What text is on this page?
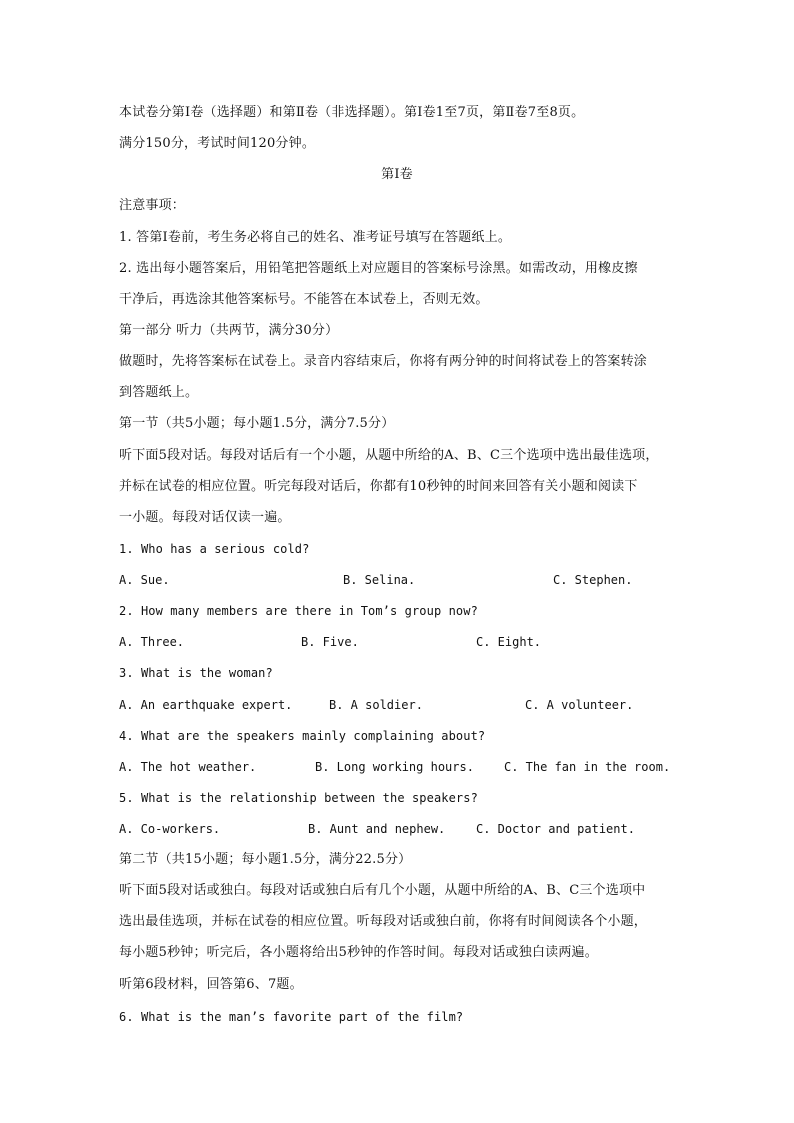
本试卷分第Ⅰ卷（选择题）和第Ⅱ卷（非选择题）。第Ⅰ卷1至7页，第Ⅱ卷7至8页。
满分150分，考试时间120分钟。
第Ⅰ卷
注意事项：
1. 答第Ⅰ卷前，考生务必将自己的姓名、准考证号填写在答题纸上。
2. 选出每小题答案后，用铅笔把答题纸上对应题目的答案标号涂黑。如需改动，用橡皮擦
干净后，再选涂其他答案标号。不能答在本试卷上，否则无效。
第一部分 听力（共两节，满分30分）
做题时，先将答案标在试卷上。录音内容结束后，你将有两分钟的时间将试卷上的答案转涂
到答题纸上。
第一节（共5小题；每小题1.5分，满分7.5分）
听下面5段对话。每段对话后有一个小题，从题中所给的A、B、C三个选项中选出最佳选项，
并标在试卷的相应位置。听完每段对话后，你都有10秒钟的时间来回答有关小题和阅读下
一小题。每段对话仅读一遍。
1. Who has a serious cold?
A. Sue.	B. Selina.	C. Stephen.
2. How many members are there in Tom’s group now?
A. Three.	B. Five.	C. Eight.
3. What is the woman?
A. An earthquake expert.	B. A soldier.	C. A volunteer.
4. What are the speakers mainly complaining about?
A. The hot weather.	B. Long working hours.	C. The fan in the room.
5. What is the relationship between the speakers?
A. Co-workers.	B. Aunt and nephew.	C. Doctor and patient.
第二节（共15小题；每小题1.5分，满分22.5分）
听下面5段对话或独白。每段对话或独白后有几个小题，从题中所给的A、B、C三个选项中
选出最佳选项，并标在试卷的相应位置。听每段对话或独白前，你将有时间阅读各个小题，
每小题5秒钟；听完后，各小题将给出5秒钟的作答时间。每段对话或独白读两遍。
听第6段材料，回答第6、7题。
6. What is the man’s favorite part of the film?
